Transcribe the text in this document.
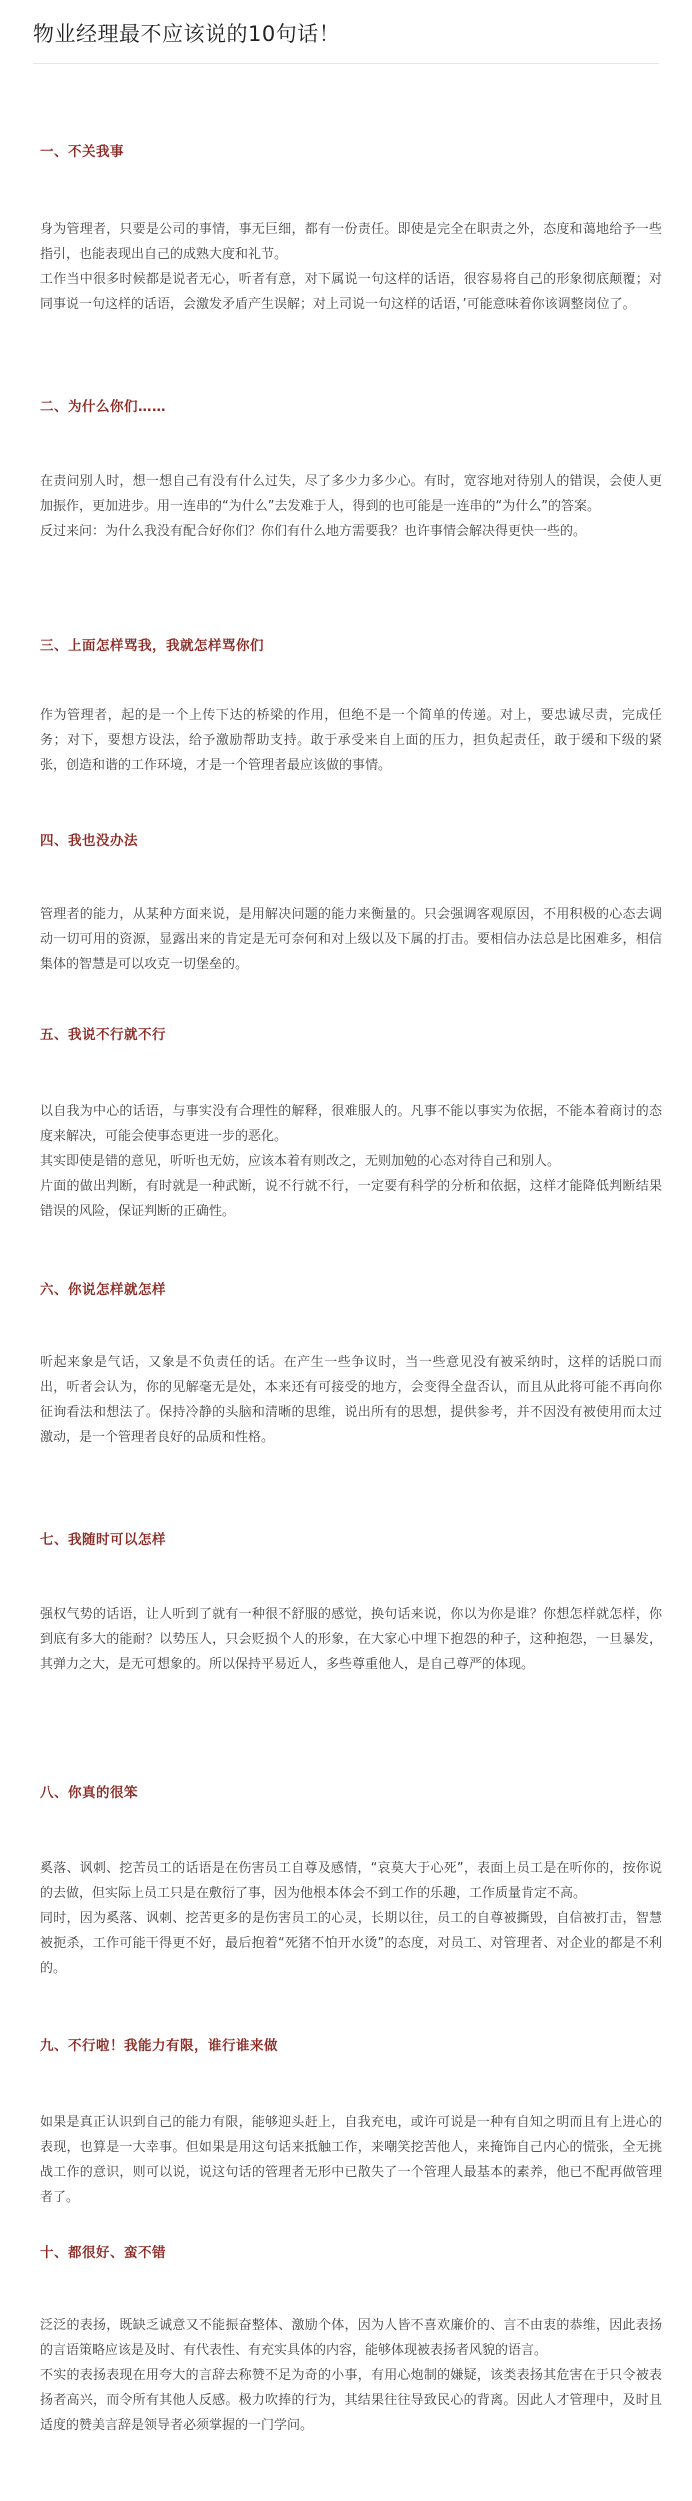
物业经理最不应该说的10句话！
一、不关我事

身为管理者，只要是公司的事情，事无巨细，都有一份责任。即使是完全在职责之外，态度和蔼地给予一些指引，也能表现出自己的成熟大度和礼节。

工作当中很多时候都是说者无心，听者有意，对下属说一句这样的话语，很容易将自己的形象彻底颠覆；对同事说一句这样的话语，会激发矛盾产生误解；对上司说一句这样的话语，’可能意味着你该调整岗位了。

二、为什么你们……

在责问别人时，想一想自己有没有什么过失，尽了多少力多少心。有时，宽容地对待别人的错误，会使人更加振作，更加进步。用一连串的“为什么”去发难于人，得到的也可能是一连串的“为什么”的答案。

反过来问：为什么我没有配合好你们？你们有什么地方需要我？也许事情会解决得更快一些的。

三、上面怎样骂我，我就怎样骂你们

作为管理者，起的是一个上传下达的桥梁的作用，但绝不是一个简单的传递。对上，要忠诚尽责，完成任务；对下，要想方设法，给予激励帮助支持。敢于承受来自上面的压力，担负起责任，敢于缓和下级的紧张，创造和谐的工作环境，才是一个管理者最应该做的事情。

四、我也没办法

管理者的能力，从某种方面来说，是用解决问题的能力来衡量的。只会强调客观原因，不用积极的心态去调动一切可用的资源，显露出来的肯定是无可奈何和对上级以及下属的打击。要相信办法总是比困难多，相信集体的智慧是可以攻克一切堡垒的。

五、我说不行就不行

以自我为中心的话语，与事实没有合理性的解释，很难服人的。凡事不能以事实为依据，不能本着商讨的态度来解决，可能会使事态更进一步的恶化。

其实即使是错的意见，听听也无妨，应该本着有则改之，无则加勉的心态对待自己和别人。

片面的做出判断，有时就是一种武断，说不行就不行，一定要有科学的分析和依据，这样才能降低判断结果错误的风险，保证判断的正确性。

六、你说怎样就怎样

听起来象是气话，又象是不负责任的话。在产生一些争议时，当一些意见没有被采纳时，这样的话脱口而出，听者会认为，你的见解毫无是处，本来还有可接受的地方，会变得全盘否认，而且从此将可能不再向你征询看法和想法了。保持冷静的头脑和清晰的思维，说出所有的思想，提供参考，并不因没有被使用而太过激动，是一个管理者良好的品质和性格。

七、我随时可以怎样

强权气势的话语，让人听到了就有一种很不舒服的感觉，换句话来说，你以为你是谁？你想怎样就怎样，你到底有多大的能耐？以势压人，只会贬损个人的形象，在大家心中埋下抱怨的种子，这种抱怨，一旦暴发，其弹力之大，是无可想象的。所以保持平易近人，多些尊重他人，是自己尊严的体现。

八、你真的很笨

奚落、讽刺、挖苦员工的话语是在伤害员工自尊及感情，“哀莫大于心死”，表面上员工是在听你的，按你说的去做，但实际上员工只是在敷衍了事，因为他根本体会不到工作的乐趣，工作质量肯定不高。

同时，因为奚落、讽刺、挖苦更多的是伤害员工的心灵，长期以往，员工的自尊被撕毁，自信被打击，智慧被扼杀，工作可能干得更不好，最后抱着“死猪不怕开水烫”的态度，对员工、对管理者、对企业的都是不利的。

九、不行啦！我能力有限，谁行谁来做

如果是真正认识到自己的能力有限，能够迎头赶上，自我充电，或许可说是一种有自知之明而且有上进心的表现，也算是一大幸事。但如果是用这句话来抵触工作，来嘲笑挖苦他人，来掩饰自己内心的慌张，全无挑战工作的意识，则可以说，说这句话的管理者无形中已散失了一个管理人最基本的素养，他已不配再做管理者了。

十、都很好、蛮不错

泛泛的表扬，既缺乏诚意又不能振奋整体、激励个体，因为人皆不喜欢廉价的、言不由衷的恭维，因此表扬的言语策略应该是及时、有代表性、有充实具体的内容，能够体现被表扬者风貌的语言。

不实的表扬表现在用夸大的言辞去称赞不足为奇的小事，有用心炮制的嫌疑，该类表扬其危害在于只令被表扬者高兴，而令所有其他人反感。极力吹捧的行为，其结果往往导致民心的背离。因此人才管理中，及时且适度的赞美言辞是领导者必须掌握的一门学问。
